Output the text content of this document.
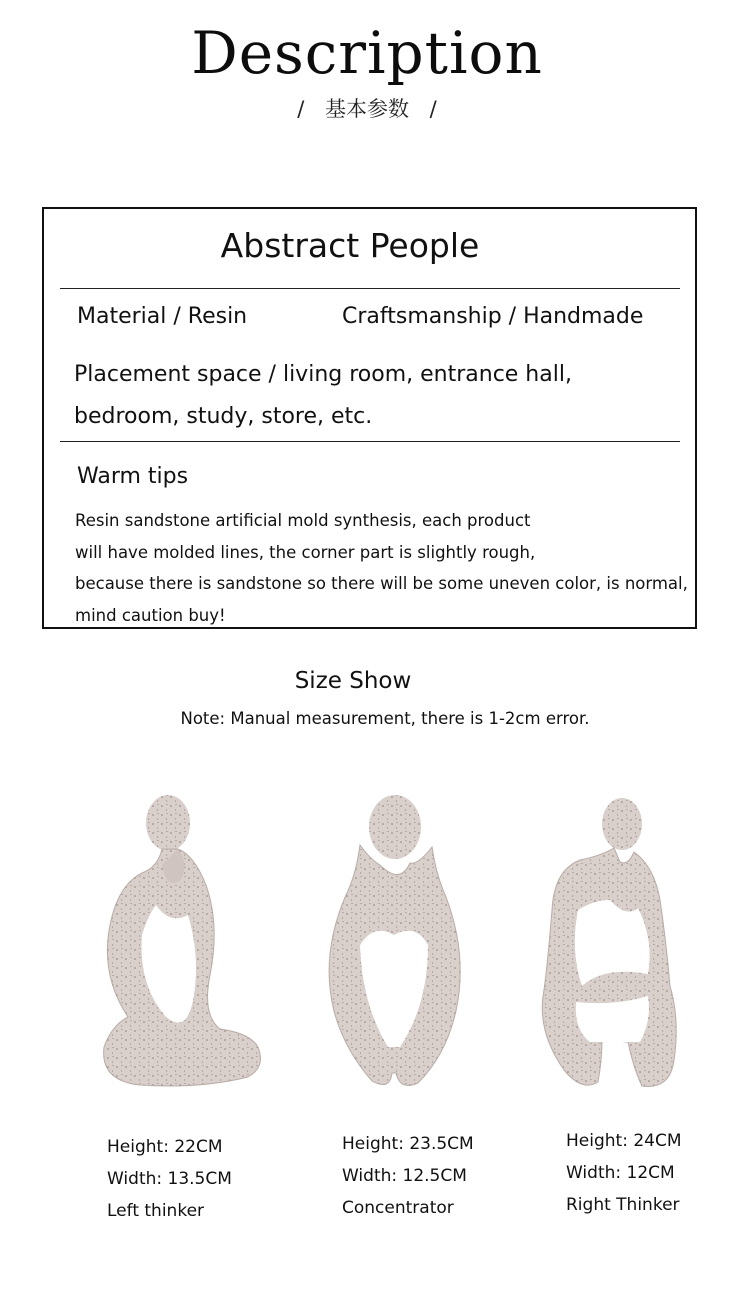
Description
/ 基本参数 /
Abstract People
Material / Resin	Craftsmanship / Handmade
Placement space / living room, entrance hall, bedroom, study, store, etc.
Warm tips
Resin sandstone artificial mold synthesis, each product
will have molded lines, the corner part is slightly rough,
because there is sandstone so there will be some uneven color, is normal,
mind caution buy!
Size Show
Note: Manual measurement, there is 1-2cm error.
Height: 22CM
Width: 13.5CM
Left thinker
Height: 23.5CM
Width: 12.5CM
Concentrator
Height: 24CM
Width: 12CM
Right Thinker
